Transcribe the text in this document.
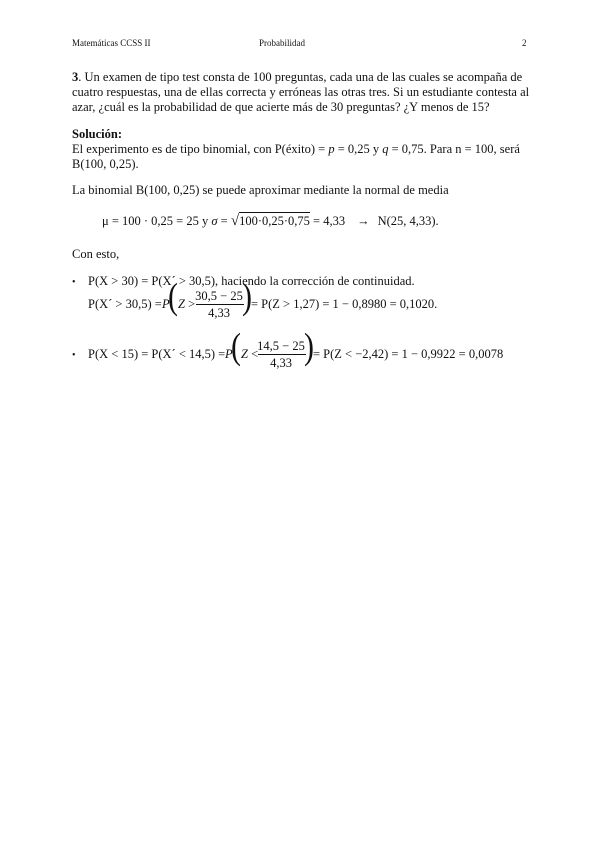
Matemáticas CCSS II	Probabilidad	2
3. Un examen de tipo test consta de 100 preguntas, cada una de las cuales se acompaña de
cuatro respuestas, una de ellas correcta y erróneas las otras tres. Si un estudiante contesta al
azar, ¿cuál es la probabilidad de que acierte más de 30 preguntas? ¿Y menos de 15?
Solución:
El experimento es de tipo binomial, con P(éxito) = p = 0,25 y q = 0,75. Para n = 100, será
B(100, 0,25).
La binomial B(100, 0,25) se puede aproximar mediante la normal de media
μ = 100 · 0,25 = 25 y σ = √100·0,25·0,75 = 4,33 → N(25, 4,33).
Con esto,
• P(X > 30) = P(X´ > 30,5), haciendo la corrección de continuidad.
P(X´ > 30,5) = P
( Z >
30,5 − 25
4,33 ) = P(Z > 1,27) = 1 − 0,8980 = 0,1020.
• P(X < 15) = P(X´ < 14,5) = P
( Z <
14,5 − 25
4,33 ) = P(Z < −2,42) = 1 − 0,9922 = 0,0078
